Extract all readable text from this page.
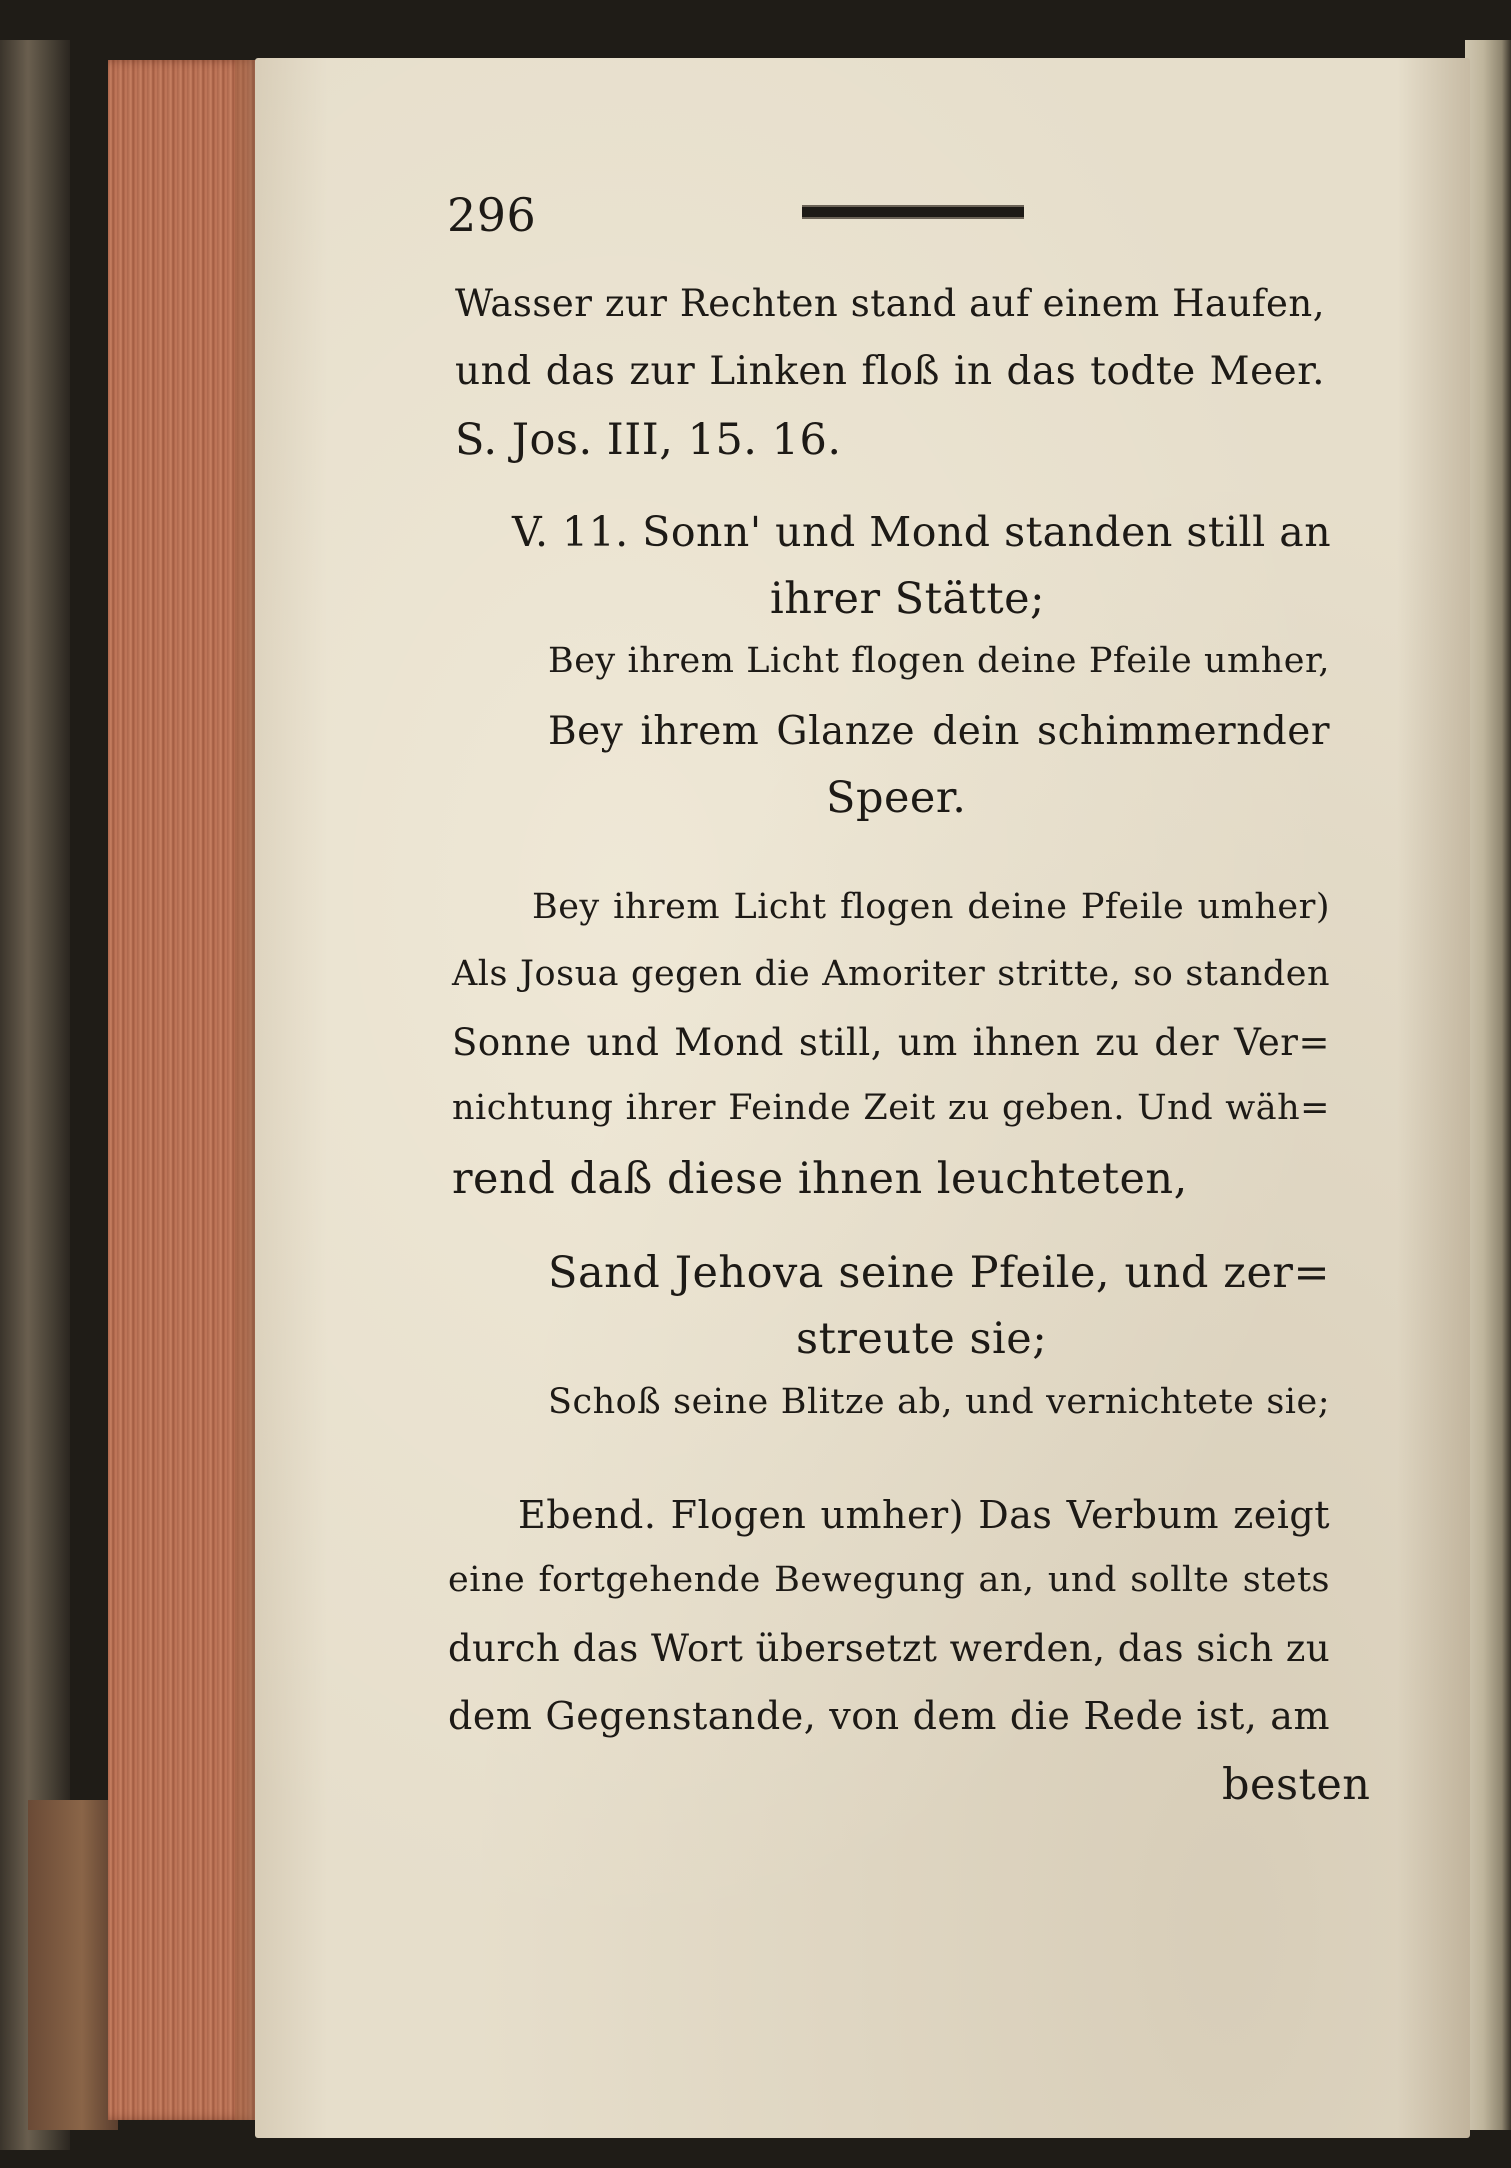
296
Wasser zur Rechten stand auf einem Haufen,
und das zur Linken floß in das todte Meer.
S. Jos. III, 15. 16.
V. 11. Sonn' und Mond standen still an
ihrer Stätte;
Bey ihrem Licht flogen deine Pfeile umher,
Bey ihrem Glanze dein schimmernder
Speer.
Bey ihrem Licht flogen deine Pfeile umher)
Als Josua gegen die Amoriter stritte, so standen
Sonne und Mond still, um ihnen zu der Ver=
nichtung ihrer Feinde Zeit zu geben. Und wäh=
rend daß diese ihnen leuchteten,
Sand Jehova seine Pfeile, und zer=
streute sie;
Schoß seine Blitze ab, und vernichtete sie;
Ebend. Flogen umher) Das Verbum zeigt
eine fortgehende Bewegung an, und sollte stets
durch das Wort übersetzt werden, das sich zu
dem Gegenstande, von dem die Rede ist, am
besten
